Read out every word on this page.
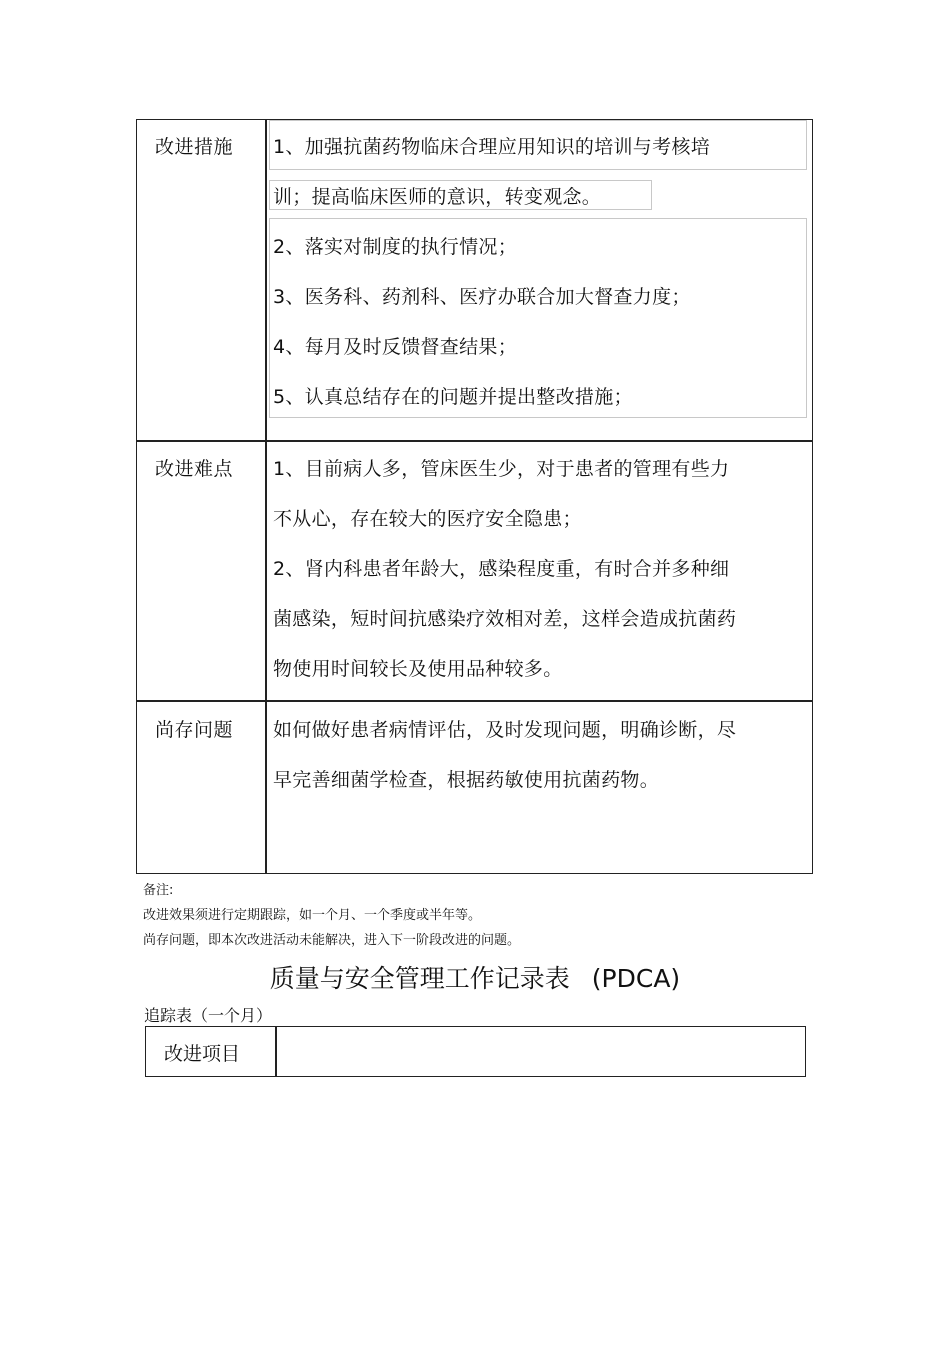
改进措施 1、加强抗菌药物临床合理应用知识的培训与考核培
训；提高临床医师的意识，转变观念。
2、落实对制度的执行情况；
3、医务科、药剂科、医疗办联合加大督查力度；
4、每月及时反馈督查结果；
5、认真总结存在的问题并提出整改措施；
改进难点 1、目前病人多，管床医生少，对于患者的管理有些力
不从心，存在较大的医疗安全隐患；
2、肾内科患者年龄大，感染程度重，有时合并多种细
菌感染，短时间抗感染疗效相对差，这样会造成抗菌药
物使用时间较长及使用品种较多。
尚存问题 如何做好患者病情评估，及时发现问题，明确诊断，尽
早完善细菌学检查，根据药敏使用抗菌药物。
备注:
改进效果须进行定期跟踪，如一个月、一个季度或半年等。
尚存问题，即本次改进活动未能解决，进入下一阶段改进的问题。
质量与安全管理工作记录表 (PDCA)
追踪表（一个月）
改进项目
